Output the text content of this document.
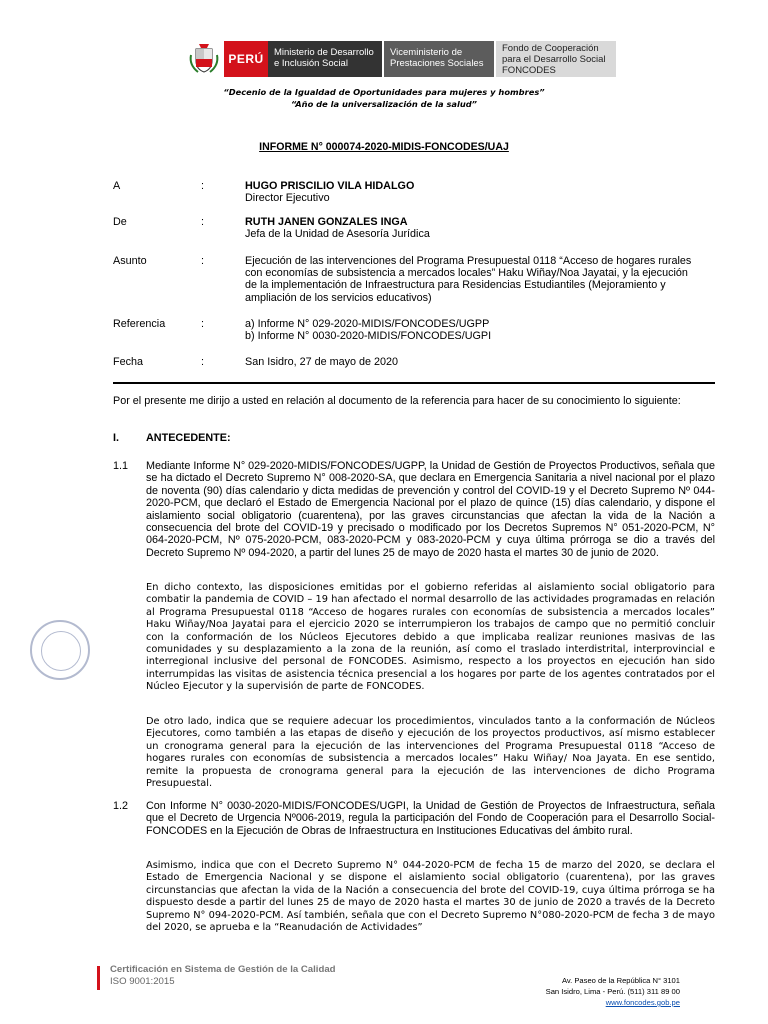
PERÚ	Ministerio de Desarrollo
e Inclusión Social
Viceministerio de
Prestaciones Sociales
Fondo de Cooperación
para el Desarrollo Social
FONCODES
“Decenio de la Igualdad de Oportunidades para mujeres y hombres”
“Año de la universalización de la salud”
INFORME N° 000074-2020-MIDIS-FONCODES/UAJ
A	:	HUGO PRISCILIO VILA HIDALGO
Director Ejecutivo
De	:	RUTH JANEN GONZALES INGA
Jefa de la Unidad de Asesoría Jurídica
Asunto	:	Ejecución de las intervenciones del Programa Presupuestal 0118 “Acceso de hogares rurales con economías de subsistencia a mercados locales” Haku Wiñay/Noa Jayatai, y la ejecución de la implementación de Infraestructura para Residencias Estudiantiles (Mejoramiento y ampliación de los servicios educativos)
Referencia	:	a) Informe N° 029-2020-MIDIS/FONCODES/UGPP
b) Informe N° 0030-2020-MIDIS/FONCODES/UGPI
Fecha	:	San Isidro, 27 de mayo de 2020
Por el presente me dirijo a usted en relación al documento de la referencia para hacer de su conocimiento lo siguiente:
I.	ANTECEDENTE:
1.1 Mediante Informe N° 029-2020-MIDIS/FONCODES/UGPP, la Unidad de Gestión de Proyectos Productivos, señala que se ha dictado el Decreto Supremo N° 008-2020-SA, que declara en Emergencia Sanitaria a nivel nacional por el plazo de noventa (90) días calendario y dicta medidas de prevención y control del COVID-19 y el Decreto Supremo Nº 044-2020-PCM, que declaró el Estado de Emergencia Nacional por el plazo de quince (15) días calendario, y dispone el aislamiento social obligatorio (cuarentena), por las graves circunstancias que afectan la vida de la Nación a consecuencia del brote del COVID-19 y precisado o modificado por los Decretos Supremos N° 051-2020-PCM, N° 064-2020-PCM, Nº 075-2020-PCM, 083-2020-PCM y 083-2020-PCM y cuya última prórroga se dio a través del Decreto Supremo Nº 094-2020, a partir del lunes 25 de mayo de 2020 hasta el martes 30 de junio de 2020.
En dicho contexto, las disposiciones emitidas por el gobierno referidas al aislamiento social obligatorio para combatir la pandemia de COVID – 19 han afectado el normal desarrollo de las actividades programadas en relación al Programa Presupuestal 0118 “Acceso de hogares rurales con economías de subsistencia a mercados locales” Haku Wiñay/Noa Jayatai para el ejercicio 2020 se interrumpieron los trabajos de campo que no permitió concluir con la conformación de los Núcleos Ejecutores debido a que implicaba realizar reuniones masivas de las comunidades y su desplazamiento a la zona de la reunión, así como el traslado interdistrital, interprovincial e interregional inclusive del personal de FONCODES. Asimismo, respecto a los proyectos en ejecución han sido interrumpidas las visitas de asistencia técnica presencial a los hogares por parte de los agentes contratados por el Núcleo Ejecutor y la supervisión de parte de FONCODES.
De otro lado, indica que se requiere adecuar los procedimientos, vinculados tanto a la conformación de Núcleos Ejecutores, como también a las etapas de diseño y ejecución de los proyectos productivos, así mismo establecer un cronograma general para la ejecución de las intervenciones del Programa Presupuestal 0118 “Acceso de hogares rurales con economías de subsistencia a mercados locales” Haku Wiñay/ Noa Jayata. En ese sentido, remite la propuesta de cronograma general para la ejecución de las intervenciones de dicho Programa Presupuestal.
1.2 Con Informe N° 0030-2020-MIDIS/FONCODES/UGPI, la Unidad de Gestión de Proyectos de Infraestructura, señala que el Decreto de Urgencia Nº006-2019, regula la participación del Fondo de Cooperación para el Desarrollo Social-FONCODES en la Ejecución de Obras de Infraestructura en Instituciones Educativas del ámbito rural.
Asimismo, indica que con el Decreto Supremo N° 044-2020-PCM de fecha 15 de marzo del 2020, se declara el Estado de Emergencia Nacional y se dispone el aislamiento social obligatorio (cuarentena), por las graves circunstancias que afectan la vida de la Nación a consecuencia del brote del COVID-19, cuya última prórroga se ha dispuesto desde a partir del lunes 25 de mayo de 2020 hasta el martes 30 de junio de 2020 a través de la Decreto Supremo N° 094-2020-PCM. Así también, señala que con el Decreto Supremo N°080-2020-PCM de fecha 3 de mayo del 2020, se aprueba e la “Reanudación de Actividades”
Certificación en Sistema de Gestión de la Calidad
ISO 9001:2015	Av. Paseo de la República N° 3101
San Isidro, Lima - Perú. (511) 311 89 00
www.foncodes.gob.pe
